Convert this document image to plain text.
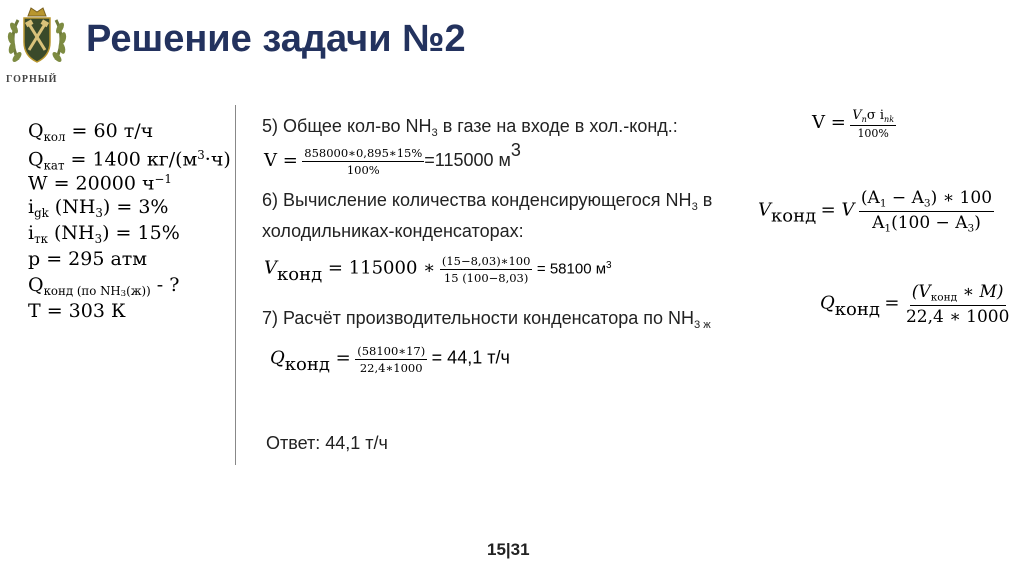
ГОРНЫЙ
Решение задачи №2
$Q_{кол} = 60$ т/ч
$Q_{кат} = 1400$ $кг/(м^3\cdot ч)$
W = 20000 $ч^{-1}$
$i_{gk}$ $(NH_3) = 3\%$
$i_{тк}$ $(NH_3) = 15\%$
p = 295 атм
$Q_{конд (по NH3(ж))}$ - ?
T = 303 К
5) Общее кол-во $NH_3$ в газе на входе в хол.-конд.:
$V = \frac{858000∗0,895∗15\%}{100\%} =115000$ м3
6) Вычисление количества конденсирующегося $NH_3$ в
холодильниках-конденсаторах:
Vконд = 115000 ∗ $\frac{(15-8,03)∗100}{15 (100-8,03)} = 58100$ $м^3$
7) Расчёт производительности конденсатора по $NH_{3 ж}$
Qконд = $\frac{(58100∗17)}{22,4∗1000} = 44,1$ т/ч
Ответ: 44,1 т/ч
$V = \frac{V_n\sigma i_{nk}}{100\%}$
Vконд = V $\frac{(A_1 - A_3) ∗ 100}{A_1(100 - A_3)}$
Qконд = $\frac{(V_{конд} ∗ M)}{22,4 ∗ 1000}$
15|31
